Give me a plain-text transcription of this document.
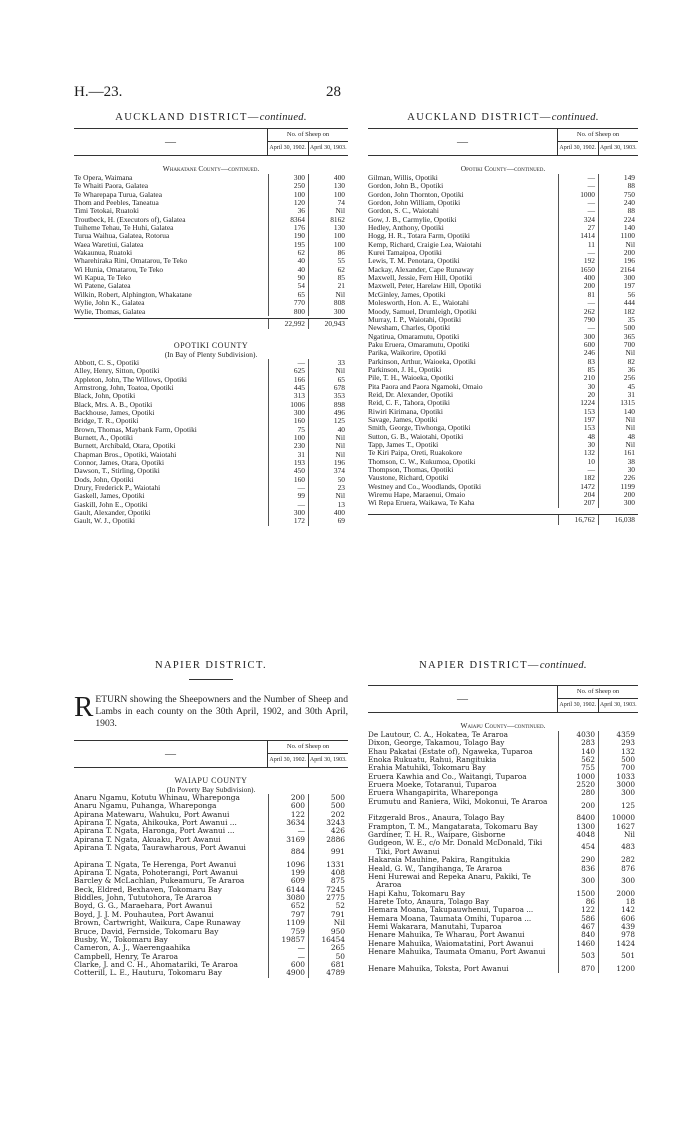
H.—23.	28
AUCKLAND DISTRICT—continued.
—
No. of Sheep on
April 30, 1902. April 30, 1903.
Whakatane County—continued.
Te Opera, Waimana	300	400
Te Whaiti Paora, Galatea	250	130
Te Wharepapa Turua, Galatea	100	100
Thom and Peebles, Taneatua	120	74
Timi Tetokai, Ruatoki	36	Nil
Troutbeck, H. (Executors of), Galatea	8364	8162
Tuiheme Tehau, Te Huhi, Galatea	176	130
Turua Waihua, Galatea, Rotorua	190	100
Waea Waretiui, Galatea	195	100
Wakaunua, Ruatoki	62	86
Wharehiraka Rini, Omatarou, Te Teko	40	55
Wi Hunia, Omatarou, Te Teko	40	62
Wi Kapua, Te Teko	90	85
Wi Patene, Galatea	54	21
Wilkin, Robert, Alphington, Whakatane	65	Nil
Wylie, John K., Galatea	770	808
Wylie, Thomas, Galatea	800	300
22,992	20,943
OPOTIKI COUNTY
(In Bay of Plenty Subdivision).
Abbott, C. S., Opotiki	—	33
Alley, Henry, Sitton, Opotiki	625	Nil
Appleton, John, The Willows, Opotiki	166	65
Armstrong, John, Toatoa, Opotiki	445	678
Black, John, Opotiki	313	353
Black, Mrs. A. B., Opotiki	1006	898
Backhouse, James, Opotiki	300	496
Bridge, T. R., Opotiki	160	125
Brown, Thomas, Maybank Farm, Opotiki	75	40
Burnett, A., Opotiki	100	Nil
Burnett, Archibald, Otara, Opotiki	230	Nil
Chapman Bros., Opotiki, Waiotahi	31	Nil
Connor, James, Otara, Opotiki	193	196
Dawson, T., Stirling, Opotiki	450	374
Dods, John, Opotiki	160	50
Drury, Frederick P., Waiotahi	—	23
Gaskell, James, Opotiki	99	Nil
Gaskill, John E., Opotiki	—	13
Gault, Alexander, Opotiki	300	400
Gault, W. J., Opotiki	172	69
AUCKLAND DISTRICT—continued.
—
No. of Sheep on
April 30, 1902. April 30, 1903.
Opotiki County—continued.
Gilman, Willis, Opotiki	—	149
Gordon, John B., Opotiki	—	88
Gordon, John Thornton, Opotiki	1000	750
Gordon, John William, Opotiki	—	240
Gordon, S. C., Waiotahi	—	88
Gow, J. B., Carmylie, Opotiki	324	224
Hedley, Anthony, Opotiki	27	140
Hogg, H. R., Totara Farm, Opotiki	1414	1100
Kemp, Richard, Craigie Lea, Waiotahi	11	Nil
Kurei Tamaipoa, Opotiki	—	200
Lewis, T. M. Penotara, Opotiki	192	196
Mackay, Alexander, Cape Runaway	1650	2164
Maxwell, Jessie, Fern Hill, Opotiki	400	300
Maxwell, Peter, Harelaw Hill, Opotiki	200	197
McGinley, James, Opotiki	81	56
Molesworth, Hon. A. E., Waiotahi	—	444
Moody, Samuel, Drumleigh, Opotiki	262	182
Murray, I. P., Waiotahi, Opotiki	790	35
Newsham, Charles, Opotiki	—	500
Ngatirua, Omaramutu, Opotiki	300	365
Paku Eruera, Omaramutu, Opotiki	600	700
Parika, Waikorire, Opotiki	246	Nil
Parkinson, Arthur, Waioeka, Opotiki	83	82
Parkinson, J. H., Opotiki	85	36
Pile, T. H., Waioeka, Opotiki	210	256
Pita Paora and Paora Ngamoki, Omaio	30	45
Reid, Dr. Alexander, Opotiki	20	31
Reid, C. F., Tahora, Opotiki	1224	1315
Riwiri Kirimana, Opotiki	153	140
Savage, James, Opotiki	197	Nil
Smith, George, Tiwhonga, Opotiki	153	Nil
Sutton, G. B., Waiotahi, Opotiki	48	48
Tapp, James T., Opotiki	30	Nil
Te Kiri Paipa, Oreti, Ruakokore	132	161
Thomson, C. W., Kukumoa, Opotiki	10	38
Thompson, Thomas, Opotiki	—	30
Vaustone, Richard, Opotiki	182	226
Westney and Co., Woodlands, Opotiki	1472	1199
Wiremu Hape, Maraenui, Omaio	204	200
Wi Repa Eruera, Waikawa, Te Kaha	207	300
16,762	16,038
NAPIER DISTRICT.
RETURN showing the Sheepowners and the Number of Sheep and Lambs in each county on the 30th April, 1902, and 30th April, 1903.
—
No. of Sheep on
April 30, 1902. April 30, 1903.
WAIAPU COUNTY
(In Poverty Bay Subdivision).
Anaru Ngamu, Kotutu Whinau, Whareponga	200	500
Anaru Ngamu, Puhanga, Whareponga	600	500
Apirana Matewaru, Wahuku, Port Awanui	122	202
Apirana T. Ngata, Ahikouka, Port Awanui ...	3634	3243
Apirana T. Ngata, Haronga, Port Awanui ...	—	426
Apirana T. Ngata, Akuaku, Port Awanui	3169	2886
Apirana T. Ngata, Taurawharous, Port Awanui	884	991
Apirana T. Ngata, Te Herenga, Port Awanui	1096	1331
Apirana T. Ngata, Pohoterangi, Port Awanui	199	408
Barcley & McLachlan, Pukeamuru, Te Araroa	609	875
Beck, Eldred, Bexhaven, Tokomaru Bay	6144	7245
Biddles, John, Tututohora, Te Araroa	3080	2775
Boyd, G. G., Maraehara, Port Awanui	652	52
Boyd, J. J. M. Pouhautea, Port Awanui	797	791
Brown, Cartwright, Waikura, Cape Runaway	1109	Nil
Bruce, David, Fernside, Tokomaru Bay	759	950
Busby, W., Tokomaru Bay	19857	16454
Cameron, A. J., Waerengaahika	—	265
Campbell, Henry, Te Araroa	—	50
Clarke, J. and C. H., Ahomatariki, Te Araroa	600	681
Cotterill, L. E., Hauturu, Tokomaru Bay	4900	4789
NAPIER DISTRICT—continued.
—
No. of Sheep on
April 30, 1902. April 30, 1903.
Waiapu County—continued.
De Lautour, C. A., Hokatea, Te Araroa	4030	4359
Dixon, George, Takamou, Tolago Bay	283	293
Ehau Pakatai (Estate of), Ngaweka, Tuparoa	140	132
Enoka Rukuatu, Rahui, Rangitukia	562	500
Erahia Matuhiki, Tokomaru Bay	755	700
Eruera Kawhia and Co., Waitangi, Tuparoa	1000	1033
Eruera Moeke, Totaranui, Tuparoa	2520	3000
Eruera Whangapirita, Whareponga	280	300
Erumutu and Raniera, Wiki, Mokonui, Te Araroa	200	125
Fitzgerald Bros., Anaura, Tolago Bay	8400	10000
Frampton, T. M., Mangatarata, Tokomaru Bay	1300	1627
Gardiner, T. H. R., Waipare, Gisborne	4048	Nil
Gudgeon, W. E., c/o Mr. Donald McDonald, Tiki Tiki, Port Awanui	454	483
Hakaraia Mauhine, Pakira, Rangitukia	290	282
Heald, G. W., Tangihanga, Te Araroa	836	876
Heni Hurewai and Repeka Anaru, Pakiki, Te Araroa	300	300
Hapi Kahu, Tokomaru Bay	1500	2000
Harete Toto, Anaura, Tolago Bay	86	18
Hemara Moana, Takupauwhenui, Tuparoa ...	122	142
Hemara Moana, Taumata Omihi, Tuparoa ...	586	606
Hemi Wakarara, Manutahi, Tuparoa	467	439
Henare Mahuika, Te Wharau, Port Awanui	840	978
Henare Mahuika, Waiomatatini, Port Awanui	1460	1424
Henare Mahuika, Taumata Omanu, Port Awanui	503	501
Henare Mahuika, Toksta, Port Awanui	870	1200
